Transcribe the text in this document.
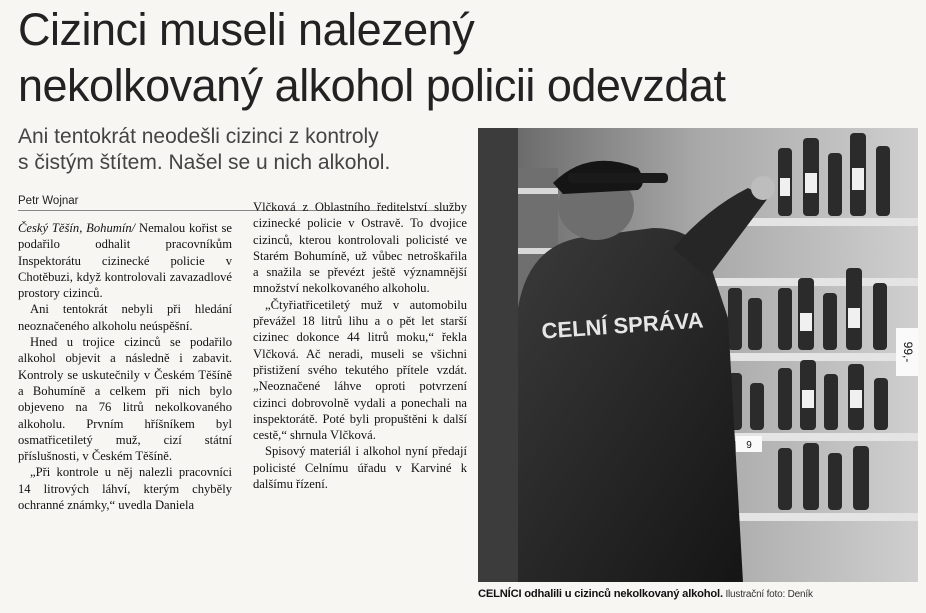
Cizinci museli nalezený
nekolkovaný alkohol policii odevzdat

Ani tentokrát neodešli cizinci z kontroly
s čistým štítem. Našel se u nich alkohol.

Petr Wojnar

Český Těšín, Bohumín/ Nemalou kořist se podařilo odhalit pracovníkům Inspektorátu cizinecké policie v Chotěbuzi, když kontrolovali zavazadlové prostory cizinců.

Ani tentokrát nebyli při hledání neoznačeného alkoholu neúspěšní.

Hned u trojice cizinců se podařilo alkohol objevit a následně i zabavit. Kontroly se uskutečnily v Českém Těšíně a Bohumíně a celkem při nich bylo objeveno na 76 litrů nekolkovaného alkoholu. Prvním hříšníkem byl osmatřicetiletý muž, cizí státní příslušnosti, v Českém Těšíně.

„Při kontrole u něj nalezli pracovníci 14 litrových láhví, kterým chyběly ochranné známky,“ uvedla Daniela

Vlčková z Oblastního ředitelství služby cizinecké policie v Ostravě. To dvojice cizinců, kterou kontrolovali policisté ve Starém Bohumíně, už vůbec netroškařila a snažila se převézt ještě významnější množství nekolkovaného alkoholu.

„Čtyřiatřicetiletý muž v automobilu převážel 18 litrů lihu a o pět let starší cizinec dokonce 44 litrů moku,“ řekla Vlčková. Ač neradi, museli se všichni přistižení svého tekutého přítele vzdát. „Neoznačené láhve oproti potvrzení cizinci dobrovolně vydali a ponechali na inspektorátě. Poté byli propuštěni k další cestě,“ shrnula Vlčková.

Spisový materiál i alkohol nyní předají policisté Celnímu úřadu v Karviné k dalšímu řízení.

9
99,-
CELNÍ SPRÁVA
CELNÍCI odhalili u cizinců nekolkovaný alkohol. Ilustrační foto: Deník
